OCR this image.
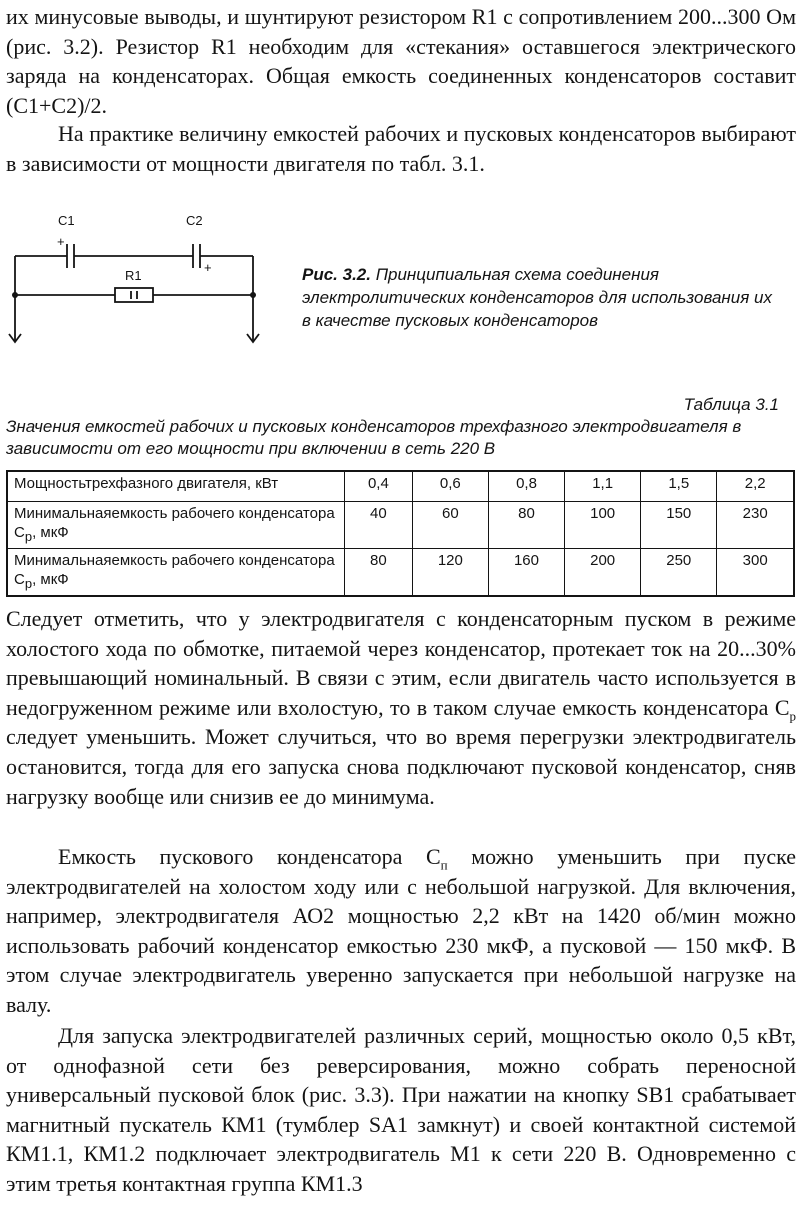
их минусовые выводы, и шунтируют резистором R1 с сопротивлением 200...300 Ом (рис. 3.2). Резистор R1 необходим для «стекания» оставшегося электрического заряда на конденсаторах. Общая емкость соединенных конденсаторов составит (С1+С2)/2.

На практике величину емкостей рабочих и пусковых конденсаторов выбирают в зависимости от мощности двигателя по табл. 3.1.

C1	C2
+
+
R1	Рис. 3.2. Принципиальная схема соединения электролитических конденсаторов для использования их в качестве пусковых конденсаторов

Таблица 3.1

Значения емкостей рабочих и пусковых конденсаторов трехфазного электродвигателя в зависимости от его мощности при включении в сеть 220 В

Мощностьтрехфазного двигателя, кВт	0,4	0,6	0,8	1,1	1,5	2,2
Минимальнаяемкость рабочего конденсатора $С_р$, мкФ	40	60	80	100	150	230
Минимальнаяемкость рабочего конденсатора $С_р$, мкФ	80	120	160	200	250	300

Следует отметить, что у электродвигателя с конденсаторным пуском в режиме холостого хода по обмотке, питаемой через конденсатор, протекает ток на 20...30% превышающий номинальный. В связи с этим, если двигатель часто используется в недогруженном режиме или вхолостую, то в таком случае емкость конденсатора $С_р$ следует уменьшить. Может случиться, что во время перегрузки электродвигатель остановится, тогда для его запуска снова подключают пусковой конденсатор, сняв нагрузку вообще или снизив ее до минимума.

Емкость пускового конденсатора $С_п$ можно уменьшить при пуске электродвигателей на холостом ходу или с небольшой нагрузкой. Для включения, например, электродвигателя АО2 мощностью 2,2 кВт на 1420 об/мин можно использовать рабочий конденсатор емкостью 230 мкФ, а пусковой — 150 мкФ. В этом случае электродвигатель уверенно запускается при небольшой нагрузке на валу.

Для запуска электродвигателей различных серий, мощностью около 0,5 кВт, от однофазной сети без реверсирования, можно собрать переносной универсальный пусковой блок (рис. 3.3). При нажатии на кнопку SB1 срабатывает магнитный пускатель КМ1 (тумблер SA1 замкнут) и своей контактной системой КМ1.1, КМ1.2 подключает электродвигатель М1 к сети 220 В. Одновременно с этим третья контактная группа КМ1.3
